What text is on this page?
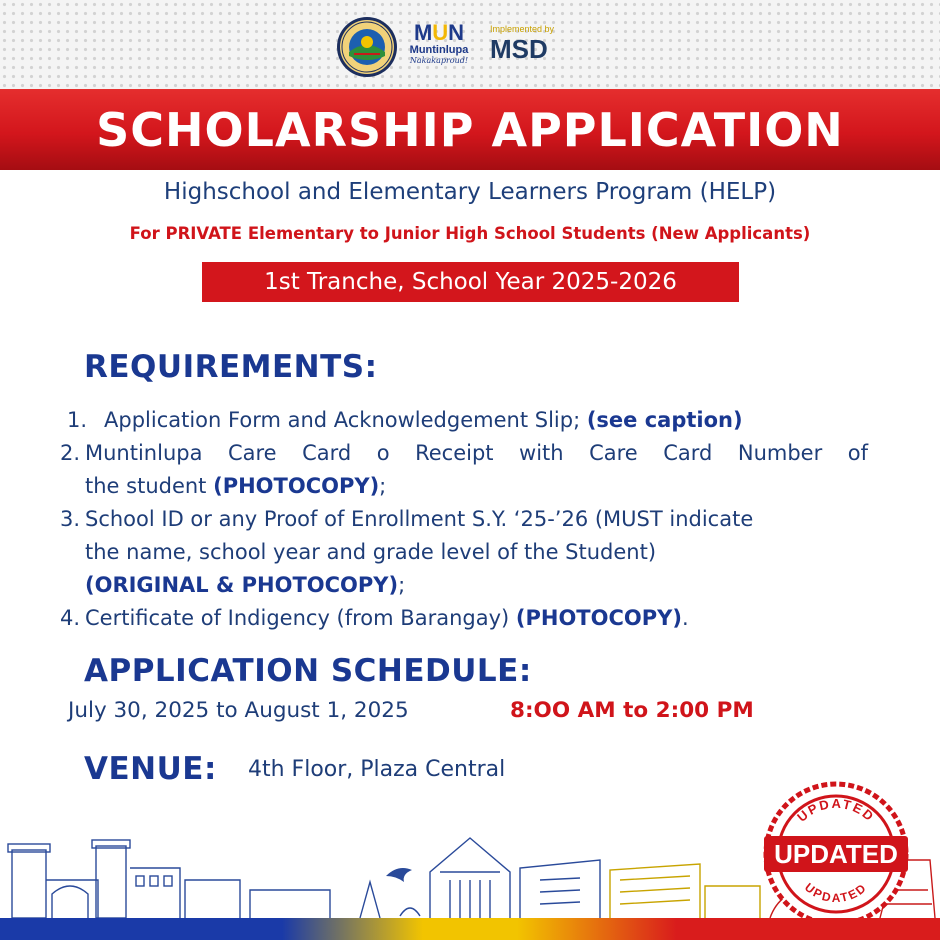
MUN
Muntinlupa
Nakakaproud!
Implemented by
MSD
SCHOLARSHIP APPLICATION
Highschool and Elementary Learners Program (HELP)
For PRIVATE Elementary to Junior High School Students (New Applicants)
1st Tranche, School Year 2025-2026
REQUIREMENTS:
1. Application Form and Acknowledgement Slip; (see caption)
2. Muntinlupa Care Card o Receipt with Care Card Number of
the student (PHOTOCOPY);
3. School ID or any Proof of Enrollment S.Y. ‘25-’26 (MUST indicate the name, school year and grade level of the Student) (ORIGINAL & PHOTOCOPY);
4. Certificate of Indigency (from Barangay) (PHOTOCOPY).
APPLICATION SCHEDULE:
July 30, 2025 to August 1, 2025	8:OO AM to 2:00 PM
VENUE: 4th Floor, Plaza Central
UPDATED
UPDATED
UPDATED
